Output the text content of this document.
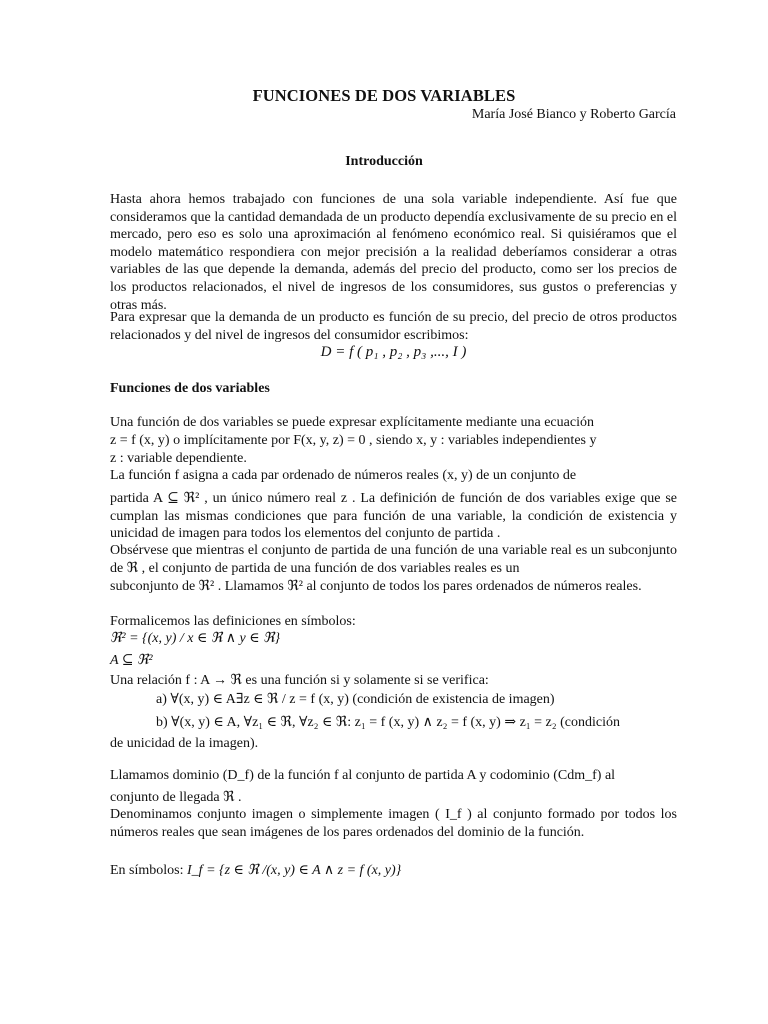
FUNCIONES DE DOS VARIABLES
María José Bianco y Roberto García
Introducción
Hasta ahora hemos trabajado con funciones de una sola variable independiente. Así fue que consideramos que la cantidad demandada de un producto dependía exclusivamente de su precio en el mercado, pero eso es solo una aproximación al fenómeno económico real. Si quisiéramos que el modelo matemático respondiera con mejor precisión a la realidad deberíamos considerar a otras variables de las que depende la demanda, además del precio del producto, como ser los precios de los productos relacionados, el nivel de ingresos de los consumidores, sus gustos o preferencias y otras más.
Para expresar que la demanda de un producto es función de su precio, del precio de otros productos relacionados y del nivel de ingresos del consumidor escribimos:
D = f ( p₁ , p₂ , p₃ ,..., I )
Funciones de dos variables
Una función de dos variables se puede expresar explícitamente mediante una ecuación
z = f (x, y) o implícitamente por F(x, y, z) = 0 , siendo x, y : variables independientes y
z : variable dependiente.
La función f asigna a cada par ordenado de números reales (x, y) de un conjunto de
partida A ⊆ ℜ² , un único número real z . La definición de función de dos variables exige que se cumplan las mismas condiciones que para función de una variable, la condición de existencia y unicidad de imagen para todos los elementos del conjunto de partida .
Obsérvese que mientras el conjunto de partida de una función de una variable real es un subconjunto de ℜ , el conjunto de partida de una función de dos variables reales es un
subconjunto de ℜ² . Llamamos ℜ² al conjunto de todos los pares ordenados de números reales.
Formalicemos las definiciones en símbolos:
ℜ² = {(x, y) / x ∈ ℜ ∧ y ∈ ℜ}
A ⊆ ℜ²
Una relación f : A → ℜ es una función si y solamente si se verifica:
a) ∀(x, y) ∈ A∃z ∈ ℜ / z = f (x, y) (condición de existencia de imagen)
b) ∀(x, y) ∈ A, ∀z₁ ∈ ℜ, ∀z₂ ∈ ℜ: z₁ = f (x, y) ∧ z₂ = f (x, y) ⇒ z₁ = z₂ (condición
de unicidad de la imagen).
Llamamos dominio (D_f) de la función f al conjunto de partida A y codominio (Cdm_f) al
conjunto de llegada ℜ .
Denominamos conjunto imagen o simplemente imagen ( I_f ) al conjunto formado por todos los números reales que sean imágenes de los pares ordenados del dominio de la función.
En símbolos: I_f = {z ∈ ℜ /(x, y) ∈ A ∧ z = f (x, y)}
